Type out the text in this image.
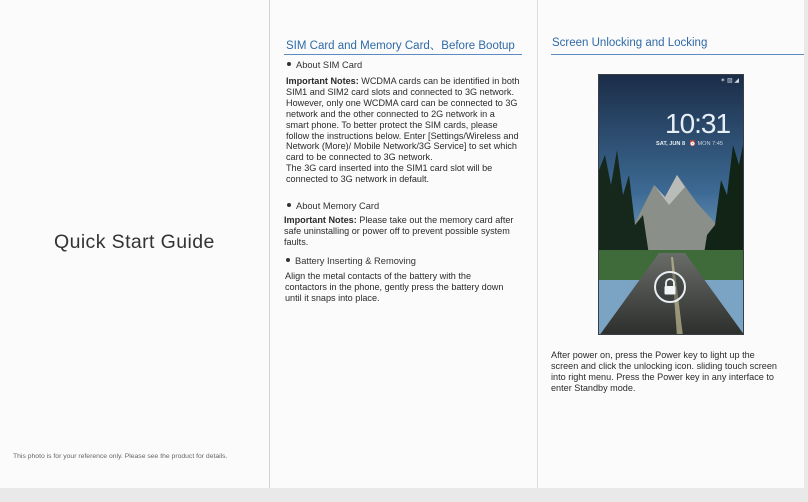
Quick Start Guide
This photo is for your reference only. Please see the product for details.
SIM Card and Memory Card、Before Bootup
About SIM Card
Important Notes: WCDMA cards can be identified in both SIM1 and SIM2 card slots and connected to 3G network. However, only one WCDMA card can be connected to 3G network and the other connected to 2G network in a smart phone. To better protect the SIM cards, please follow the instructions below. Enter [Settings/Wireless and Network (More)/ Mobile Network/3G Service] to set which card to be connected to 3G network.
The 3G card inserted into the SIM1 card slot will be connected to 3G network in default.
About Memory Card
Important Notes: Please take out the memory card after safe uninstalling or power off to prevent possible system faults.
Battery Inserting & Removing
Align the metal contacts of the battery with the contactors in the phone, gently press the battery down until it snaps into place.
Screen Unlocking and Locking
✶ ▨ ◢
10:31
SAT, JUN 8 ⏰ MON 7:45
After power on, press the Power key to light up the screen and click the unlocking icon. sliding touch screen into right menu. Press the Power key in any interface to enter Standby mode.
